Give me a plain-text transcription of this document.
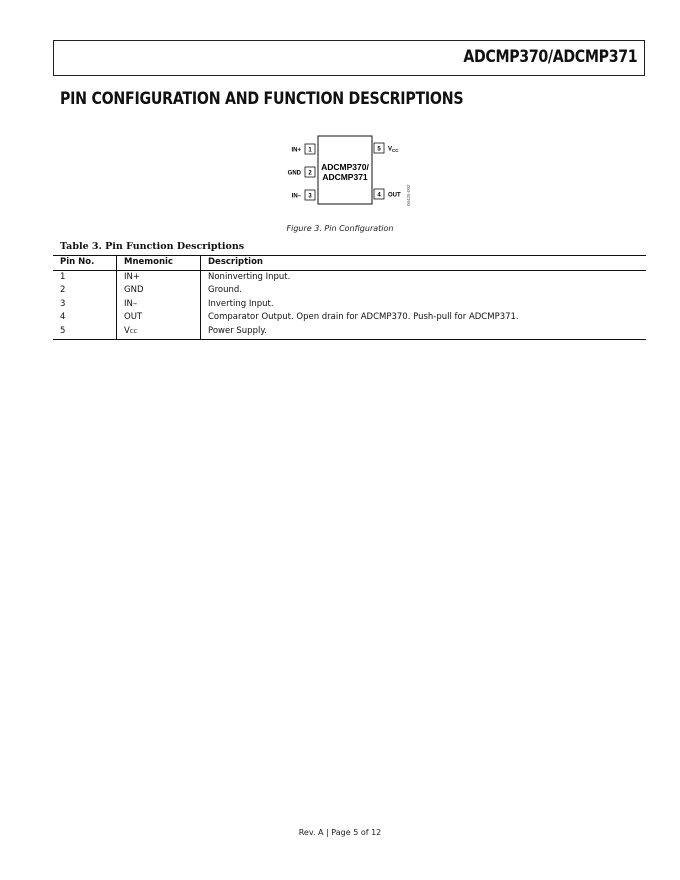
ADCMP370/ADCMP371
PIN CONFIGURATION AND FUNCTION DESCRIPTIONS
ADCMP370/
ADCMP371
1
IN+
2
GND
3
IN–
5 $V_{CC}$
4 OUT 06425-002
Figure 3. Pin Configuration
Table 3. Pin Function Descriptions
Pin No.	Mnemonic	Description
1	IN+	Noninverting Input.
2	GND	Ground.
3	IN–	Inverting Input.
4	OUT	Comparator Output. Open drain for ADCMP370. Push-pull for ADCMP371.
5	VCC	Power Supply.
Rev. A | Page 5 of 12
